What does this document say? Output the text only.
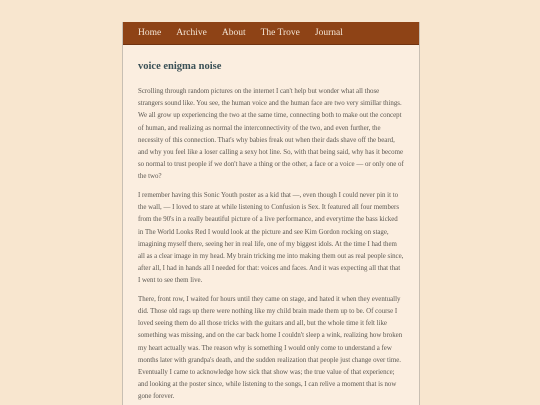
Home Archive About The Trove Journal
voice enigma noise

Scrolling through random pictures on the internet I can't help but wonder what all those strangers sound like. You see, the human voice and the human face are two very simillar things. We all grow up experiencing the two at the same time, connecting both to make out the concept of human, and realizing as normal the interconnectivity of the two, and even further, the necessity of this connection. That's why babies freak out when their dads shave off the beard, and why you feel like a loser calling a sexy hot line. So, with that being said, why has it become so normal to trust people if we don't have a thing or the other, a face or a voice — or only one of the two?

I remember having this Sonic Youth poster as a kid that —, even though I could never pin it to the wall, — I loved to stare at while listening to Confusion is Sex. It featured all four members from the 90's in a really beautiful picture of a live performance, and everytime the bass kicked in The World Looks Red I would look at the picture and see Kim Gordon rocking on stage, imagining myself there, seeing her in real life, one of my biggest idols. At the time I had them all as a clear image in my head. My brain tricking me into making them out as real people since, after all, I had in hands all I needed for that: voices and faces. And it was expecting all that that I went to see them live.

There, front row, I waited for hours until they came on stage, and hated it when they eventually did. Those old rags up there were nothing like my child brain made them up to be. Of course I loved seeing them do all those tricks with the guitars and all, but the whole time it felt like something was missing, and on the car back home I couldn't sleep a wink, realizing how broken my heart actually was. The reason why is something I would only come to understand a few months later with grandpa's death, and the sudden realization that people just change over time. Eventually I came to acknowledge how sick that show was; the true value of that experience; and looking at the poster since, while listening to the songs, I can relive a moment that is now gone forever.
